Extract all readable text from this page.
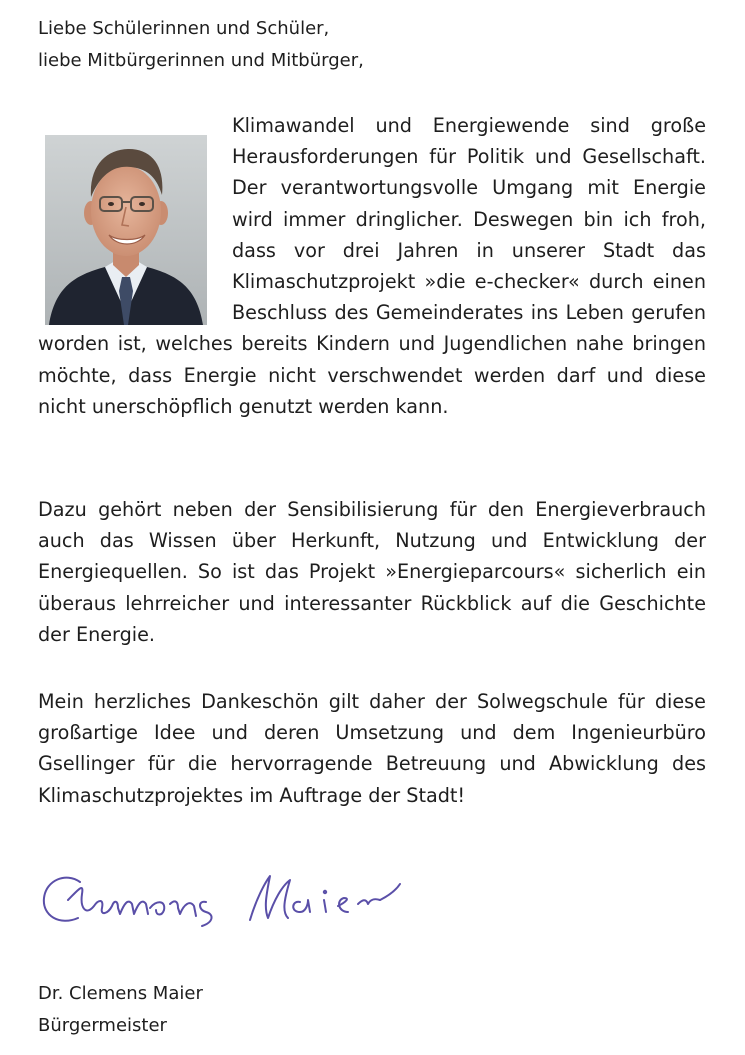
Liebe Schülerinnen und Schüler,
liebe Mitbürgerinnen und Mitbürger,

Klimawandel und Energiewende sind große Herausforderungen für Politik und Gesellschaft. Der verantwortungsvolle Umgang mit Energie wird immer dringlicher. Deswegen bin ich froh, dass vor drei Jahren in unserer Stadt das Klimaschutzprojekt »die e-checker« durch einen Beschluss des Gemeinderates ins Leben gerufen worden ist, welches bereits Kindern und Jugendlichen nahe bringen möchte, dass Energie nicht verschwendet werden darf und diese nicht unerschöpflich genutzt werden kann.

Dazu gehört neben der Sensibilisierung für den Energieverbrauch auch das Wissen über Herkunft, Nutzung und Entwicklung der Energiequellen. So ist das Projekt »Energieparcours« sicherlich ein überaus lehrreicher und interessanter Rückblick auf die Geschichte der Energie.

Mein herzliches Dankeschön gilt daher der Solwegschule für diese großartige Idee und deren Umsetzung und dem Ingenieurbüro Gsellinger für die hervorragende Betreuung und Abwicklung des Klimaschutzprojektes im Auftrage der Stadt!

Dr. Clemens Maier
Bürgermeister
